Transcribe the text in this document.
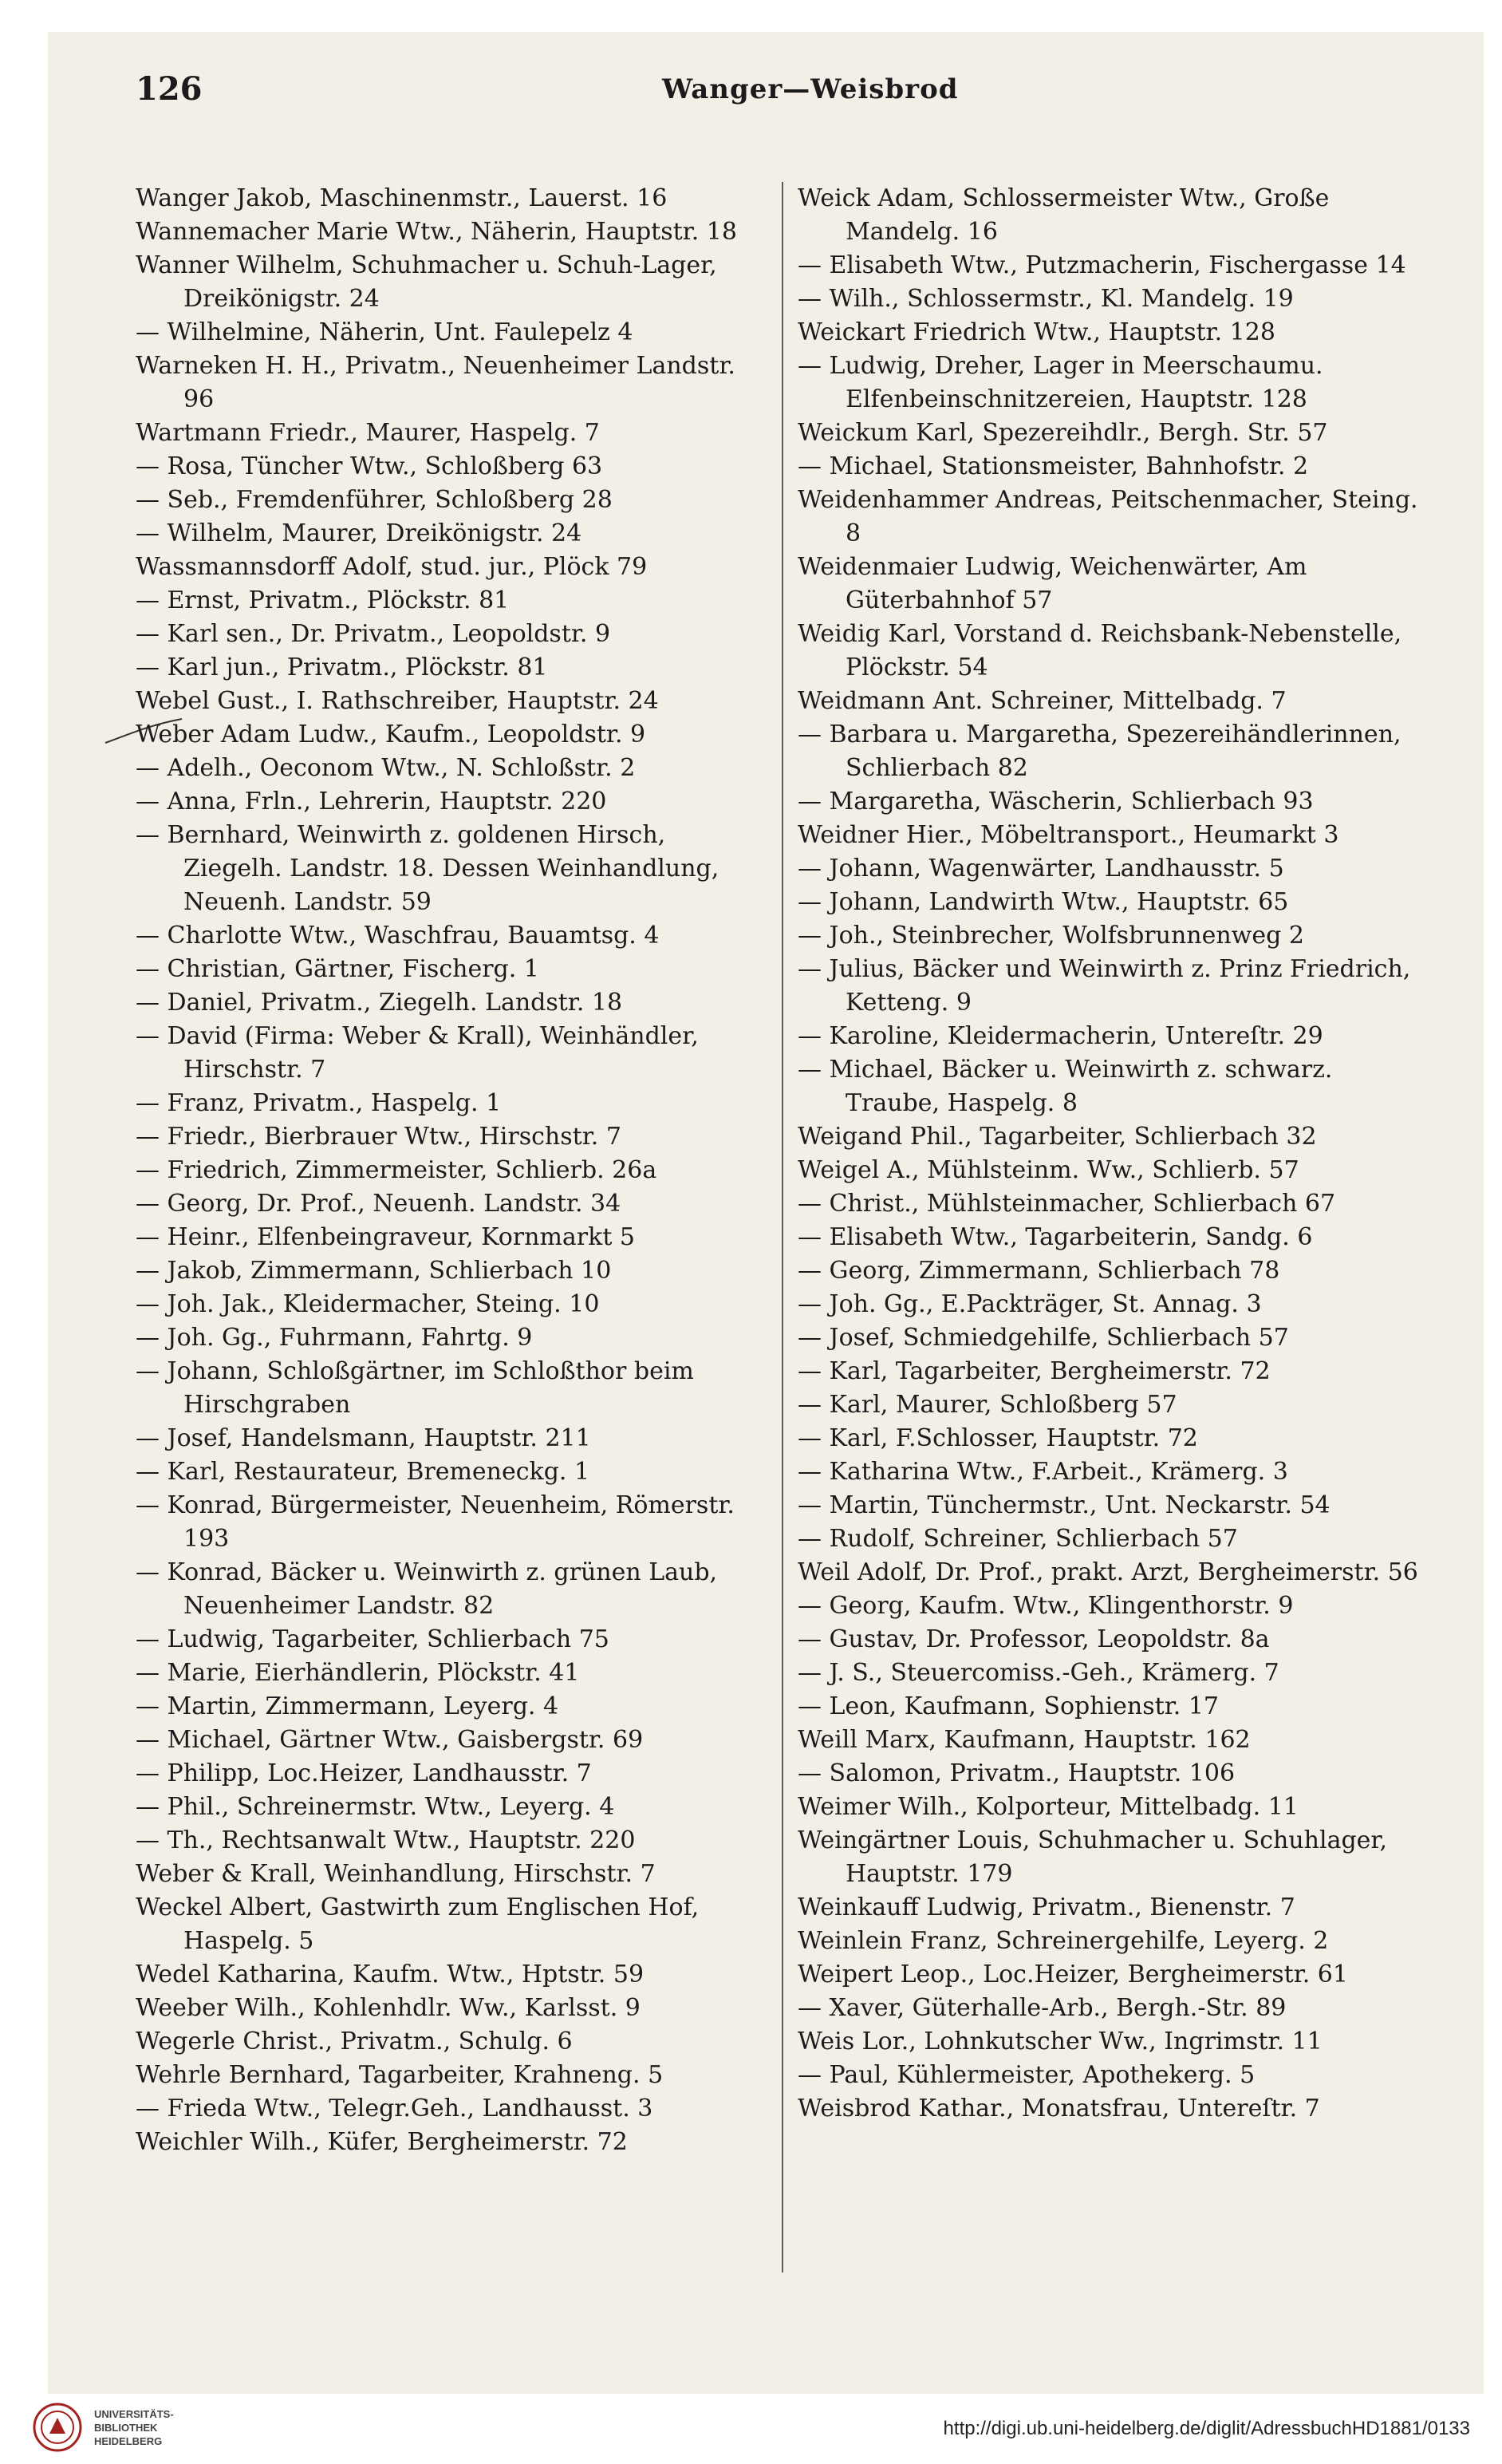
126	Wanger—Weisbrod
Wanger Jakob, Maschinenmstr., Lauerst. 16
Wannemacher Marie Wtw., Näherin, Hauptstr. 18
Wanner Wilhelm, Schuhmacher u. Schuh-Lager, Dreikönigstr. 24
— Wilhelmine, Näherin, Unt. Faulepelz 4
Warneken H. H., Privatm., Neuenheimer Landstr. 96
Wartmann Friedr., Maurer, Haspelg. 7
— Rosa, Tüncher Wtw., Schloßberg 63
— Seb., Fremdenführer, Schloßberg 28
— Wilhelm, Maurer, Dreikönigstr. 24
Wassmannsdorff Adolf, stud. jur., Plöck 79
— Ernst, Privatm., Plöckstr. 81
— Karl sen., Dr. Privatm., Leopoldstr. 9
— Karl jun., Privatm., Plöckstr. 81
Webel Gust., I. Rathschreiber, Hauptstr. 24
Weber Adam Ludw., Kaufm., Leopoldstr. 9
— Adelh., Oeconom Wtw., N. Schloßstr. 2
— Anna, Frln., Lehrerin, Hauptstr. 220
— Bernhard, Weinwirth z. goldenen Hirsch, Ziegelh. Landstr. 18. Dessen Weinhandlung, Neuenh. Landstr. 59
— Charlotte Wtw., Waschfrau, Bauamtsg. 4
— Christian, Gärtner, Fischerg. 1
— Daniel, Privatm., Ziegelh. Landstr. 18
— David (Firma: Weber & Krall), Weinhändler, Hirschstr. 7
— Franz, Privatm., Haspelg. 1
— Friedr., Bierbrauer Wtw., Hirschstr. 7
— Friedrich, Zimmermeister, Schlierb. 26a
— Georg, Dr. Prof., Neuenh. Landstr. 34
— Heinr., Elfenbeingraveur, Kornmarkt 5
— Jakob, Zimmermann, Schlierbach 10
— Joh. Jak., Kleidermacher, Steing. 10
— Joh. Gg., Fuhrmann, Fahrtg. 9
— Johann, Schloßgärtner, im Schloßthor beim Hirschgraben
— Josef, Handelsmann, Hauptstr. 211
— Karl, Restaurateur, Bremeneckg. 1
— Konrad, Bürgermeister, Neuenheim, Römerstr. 193
— Konrad, Bäcker u. Weinwirth z. grünen Laub, Neuenheimer Landstr. 82
— Ludwig, Tagarbeiter, Schlierbach 75
— Marie, Eierhändlerin, Plöckstr. 41
— Martin, Zimmermann, Leyerg. 4
— Michael, Gärtner Wtw., Gaisbergstr. 69
— Philipp, Loc.Heizer, Landhausstr. 7
— Phil., Schreinermstr. Wtw., Leyerg. 4
— Th., Rechtsanwalt Wtw., Hauptstr. 220
Weber & Krall, Weinhandlung, Hirschstr. 7
Weckel Albert, Gastwirth zum Englischen Hof, Haspelg. 5
Wedel Katharina, Kaufm. Wtw., Hptstr. 59
Weeber Wilh., Kohlenhdlr. Ww., Karlsst. 9
Wegerle Christ., Privatm., Schulg. 6
Wehrle Bernhard, Tagarbeiter, Krahneng. 5
— Frieda Wtw., Telegr.Geh., Landhausst. 3
Weichler Wilh., Küfer, Bergheimerstr. 72
Weick Adam, Schlossermeister Wtw., Große Mandelg. 16
— Elisabeth Wtw., Putzmacherin, Fischergasse 14
— Wilh., Schlossermstr., Kl. Mandelg. 19
Weickart Friedrich Wtw., Hauptstr. 128
— Ludwig, Dreher, Lager in Meerschaumu. Elfenbeinschnitzereien, Hauptstr. 128
Weickum Karl, Spezereihdlr., Bergh. Str. 57
— Michael, Stationsmeister, Bahnhofstr. 2
Weidenhammer Andreas, Peitschenmacher, Steing. 8
Weidenmaier Ludwig, Weichenwärter, Am Güterbahnhof 57
Weidig Karl, Vorstand d. Reichsbank-Nebenstelle, Plöckstr. 54
Weidmann Ant. Schreiner, Mittelbadg. 7
— Barbara u. Margaretha, Spezereihändlerinnen, Schlierbach 82
— Margaretha, Wäscherin, Schlierbach 93
Weidner Hier., Möbeltransport., Heumarkt 3
— Johann, Wagenwärter, Landhausstr. 5
— Johann, Landwirth Wtw., Hauptstr. 65
— Joh., Steinbrecher, Wolfsbrunnenweg 2
— Julius, Bäcker und Weinwirth z. Prinz Friedrich, Ketteng. 9
— Karoline, Kleidermacherin, Untereſtr. 29
— Michael, Bäcker u. Weinwirth z. schwarz. Traube, Haspelg. 8
Weigand Phil., Tagarbeiter, Schlierbach 32
Weigel A., Mühlsteinm. Ww., Schlierb. 57
— Christ., Mühlsteinmacher, Schlierbach 67
— Elisabeth Wtw., Tagarbeiterin, Sandg. 6
— Georg, Zimmermann, Schlierbach 78
— Joh. Gg., E.Packträger, St. Annag. 3
— Josef, Schmiedgehilfe, Schlierbach 57
— Karl, Tagarbeiter, Bergheimerstr. 72
— Karl, Maurer, Schloßberg 57
— Karl, F.Schlosser, Hauptstr. 72
— Katharina Wtw., F.Arbeit., Krämerg. 3
— Martin, Tünchermstr., Unt. Neckarstr. 54
— Rudolf, Schreiner, Schlierbach 57
Weil Adolf, Dr. Prof., prakt. Arzt, Bergheimerstr. 56
— Georg, Kaufm. Wtw., Klingenthorstr. 9
— Gustav, Dr. Professor, Leopoldstr. 8a
— J. S., Steuercomiss.-Geh., Krämerg. 7
— Leon, Kaufmann, Sophienstr. 17
Weill Marx, Kaufmann, Hauptstr. 162
— Salomon, Privatm., Hauptstr. 106
Weimer Wilh., Kolporteur, Mittelbadg. 11
Weingärtner Louis, Schuhmacher u. Schuhlager, Hauptstr. 179
Weinkauff Ludwig, Privatm., Bienenstr. 7
Weinlein Franz, Schreinergehilfe, Leyerg. 2
Weipert Leop., Loc.Heizer, Bergheimerstr. 61
— Xaver, Güterhalle-Arb., Bergh.-Str. 89
Weis Lor., Lohnkutscher Ww., Ingrimstr. 11
— Paul, Kühlermeister, Apothekerg. 5
Weisbrod Kathar., Monatsfrau, Untereſtr. 7
UNIVERSITÄTS-
BIBLIOTHEK
HEIDELBERG
http://digi.ub.uni-heidelberg.de/diglit/AdressbuchHD1881/0133
